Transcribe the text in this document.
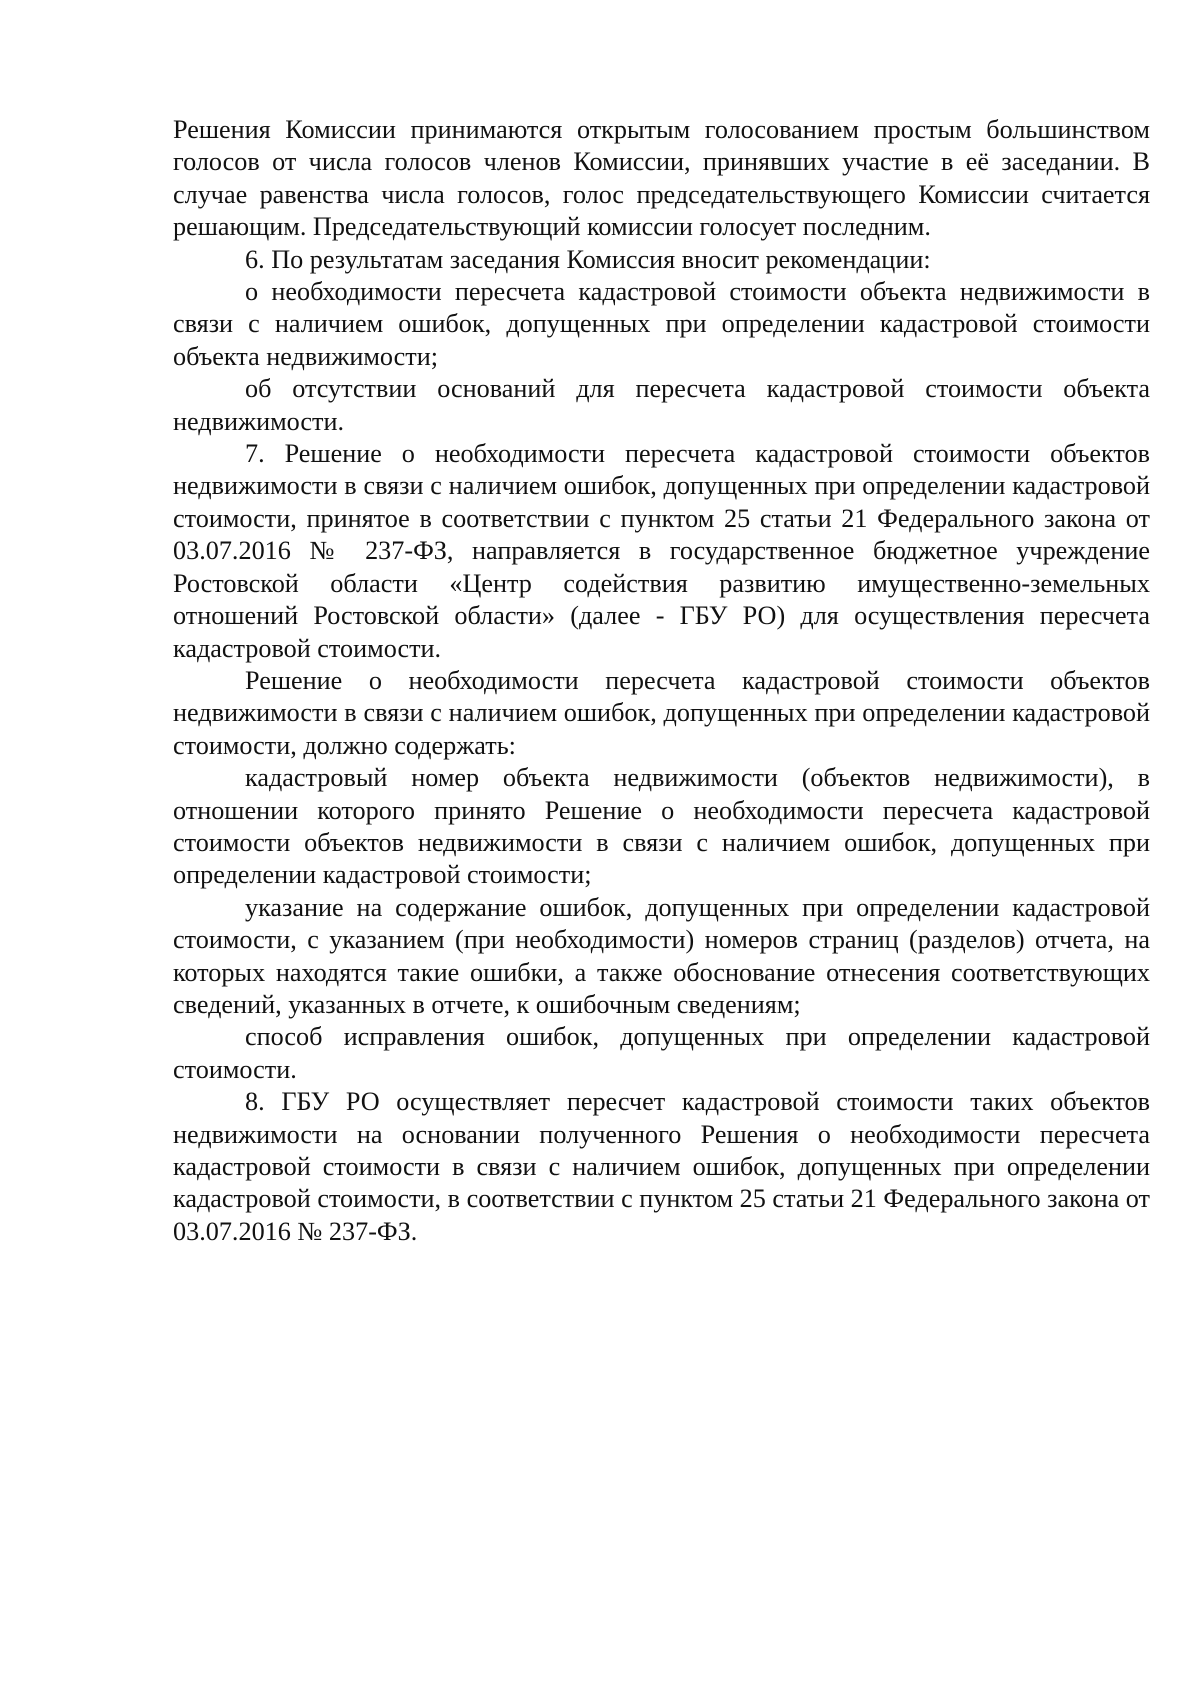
Решения Комиссии принимаются открытым голосованием простым большинством голосов от числа голосов членов Комиссии, принявших участие в её заседании. В случае равенства числа голосов, голос председательствующего Комиссии считается решающим. Председательствующий комиссии голосует последним.

6. По результатам заседания Комиссия вносит рекомендации:

о необходимости пересчета кадастровой стоимости объекта недвижимости в связи с наличием ошибок, допущенных при определении кадастровой стоимости объекта недвижимости;

об отсутствии оснований для пересчета кадастровой стоимости объекта недвижимости.

7. Решение о необходимости пересчета кадастровой стоимости объектов недвижимости в связи с наличием ошибок, допущенных при определении кадастровой стоимости, принятое в соответствии с пунктом 25 статьи 21 Федерального закона от 03.07.2016 № 237-ФЗ, направляется в государственное бюджетное учреждение Ростовской области «Центр содействия развитию имущественно-земельных отношений Ростовской области» (далее - ГБУ РО) для осуществления пересчета кадастровой стоимости.

Решение о необходимости пересчета кадастровой стоимости объектов недвижимости в связи с наличием ошибок, допущенных при определении кадастровой стоимости, должно содержать:

кадастровый номер объекта недвижимости (объектов недвижимости), в отношении которого принято Решение о необходимости пересчета кадастровой стоимости объектов недвижимости в связи с наличием ошибок, допущенных при определении кадастровой стоимости;

указание на содержание ошибок, допущенных при определении кадастровой стоимости, с указанием (при необходимости) номеров страниц (разделов) отчета, на которых находятся такие ошибки, а также обоснование отнесения соответствующих сведений, указанных в отчете, к ошибочным сведениям;

способ исправления ошибок, допущенных при определении кадастровой стоимости.

8. ГБУ РО осуществляет пересчет кадастровой стоимости таких объектов недвижимости на основании полученного Решения о необходимости пересчета кадастровой стоимости в связи с наличием ошибок, допущенных при определении кадастровой стоимости, в соответствии с пунктом 25 статьи 21 Федерального закона от 03.07.2016 № 237-ФЗ.
